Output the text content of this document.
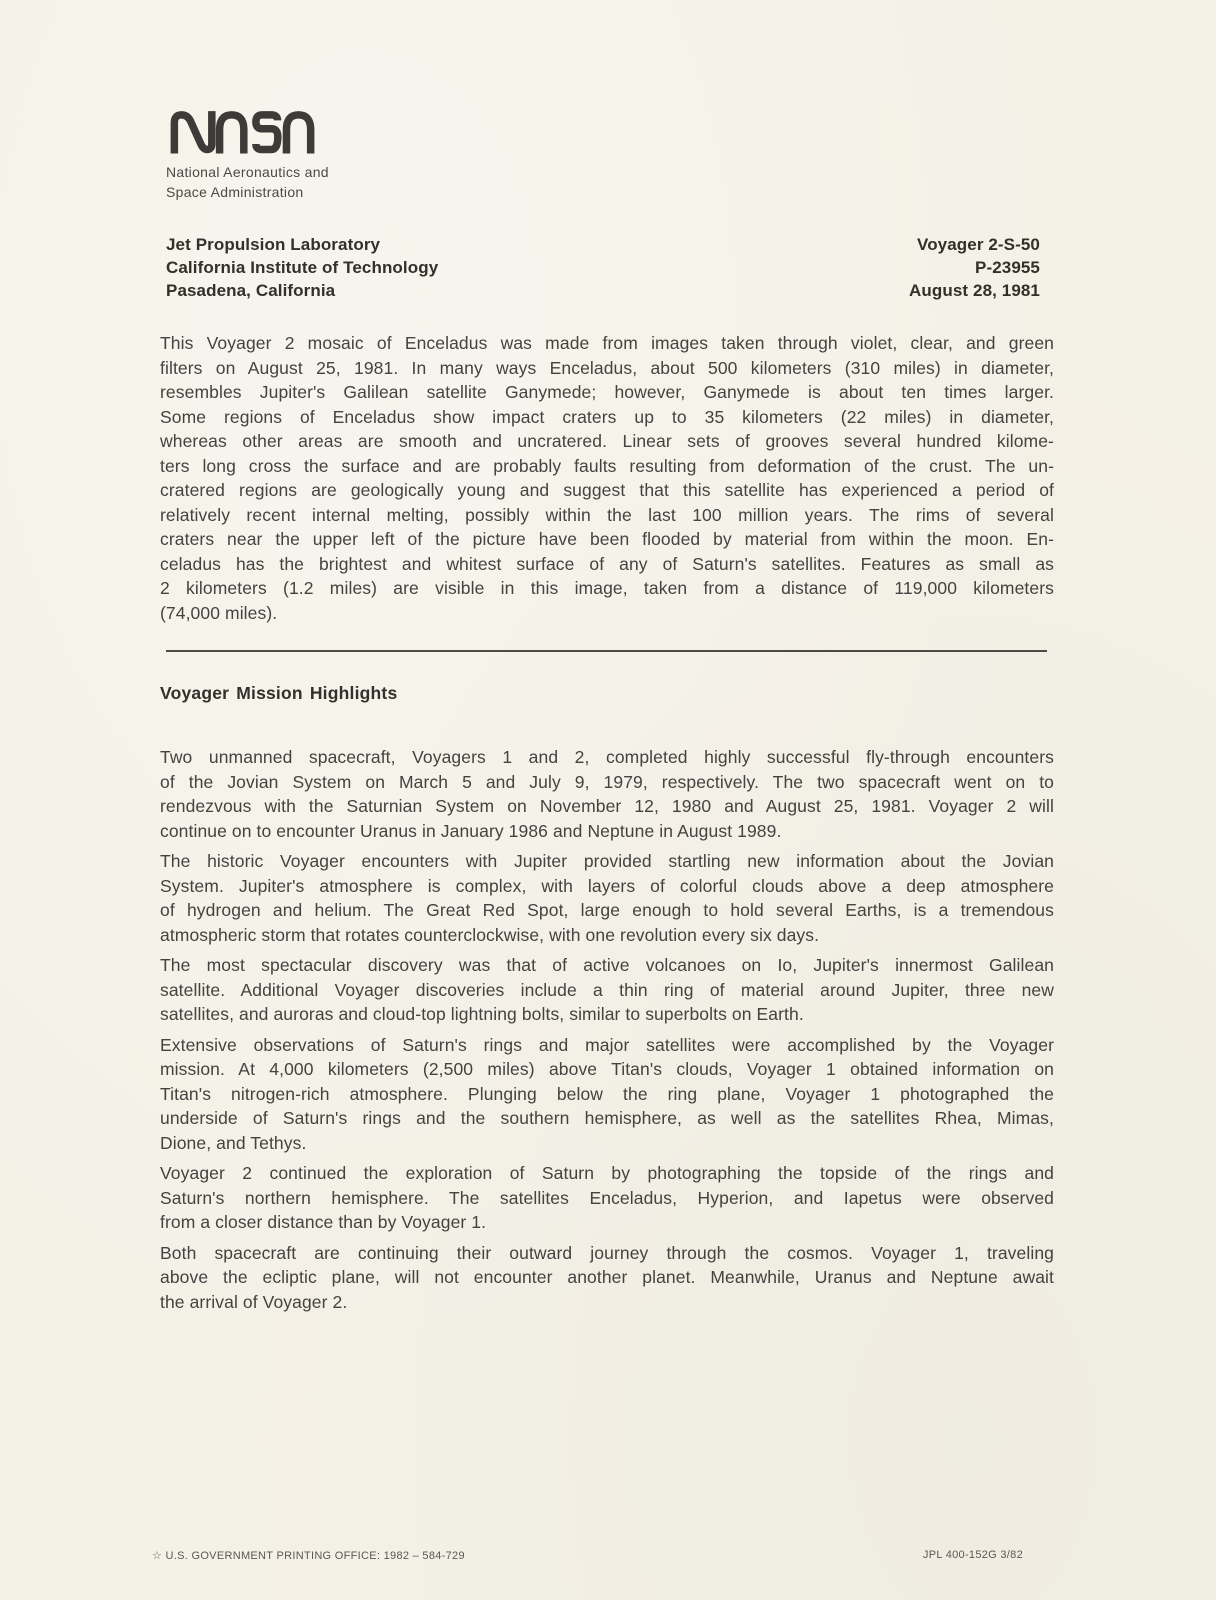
National Aeronautics and
Space Administration
Jet Propulsion Laboratory
California Institute of Technology
Pasadena, California
Voyager 2-S-50
P-23955
August 28, 1981
This Voyager 2 mosaic of Enceladus was made from images taken through violet, clear, and green
filters on August 25, 1981. In many ways Enceladus, about 500 kilometers (310 miles) in diameter,
resembles Jupiter's Galilean satellite Ganymede; however, Ganymede is about ten times larger.
Some regions of Enceladus show impact craters up to 35 kilometers (22 miles) in diameter,
whereas other areas are smooth and uncratered. Linear sets of grooves several hundred kilome-
ters long cross the surface and are probably faults resulting from deformation of the crust. The un-
cratered regions are geologically young and suggest that this satellite has experienced a period of
relatively recent internal melting, possibly within the last 100 million years. The rims of several
craters near the upper left of the picture have been flooded by material from within the moon. En-
celadus has the brightest and whitest surface of any of Saturn's satellites. Features as small as
2 kilometers (1.2 miles) are visible in this image, taken from a distance of 119,000 kilometers
(74,000 miles).
Voyager Mission Highlights
Two unmanned spacecraft, Voyagers 1 and 2, completed highly successful fly-through encounters
of the Jovian System on March 5 and July 9, 1979, respectively. The two spacecraft went on to
rendezvous with the Saturnian System on November 12, 1980 and August 25, 1981. Voyager 2 will
continue on to encounter Uranus in January 1986 and Neptune in August 1989.
The historic Voyager encounters with Jupiter provided startling new information about the Jovian
System. Jupiter's atmosphere is complex, with layers of colorful clouds above a deep atmosphere
of hydrogen and helium. The Great Red Spot, large enough to hold several Earths, is a tremendous
atmospheric storm that rotates counterclockwise, with one revolution every six days.
The most spectacular discovery was that of active volcanoes on Io, Jupiter's innermost Galilean
satellite. Additional Voyager discoveries include a thin ring of material around Jupiter, three new
satellites, and auroras and cloud-top lightning bolts, similar to superbolts on Earth.
Extensive observations of Saturn's rings and major satellites were accomplished by the Voyager
mission. At 4,000 kilometers (2,500 miles) above Titan's clouds, Voyager 1 obtained information on
Titan's nitrogen-rich atmosphere. Plunging below the ring plane, Voyager 1 photographed the
underside of Saturn's rings and the southern hemisphere, as well as the satellites Rhea, Mimas,
Dione, and Tethys.
Voyager 2 continued the exploration of Saturn by photographing the topside of the rings and
Saturn's northern hemisphere. The satellites Enceladus, Hyperion, and Iapetus were observed
from a closer distance than by Voyager 1.
Both spacecraft are continuing their outward journey through the cosmos. Voyager 1, traveling
above the ecliptic plane, will not encounter another planet. Meanwhile, Uranus and Neptune await
the arrival of Voyager 2.
☆ U.S. GOVERNMENT PRINTING OFFICE: 1982 – 584-729	JPL 400-152G 3/82
